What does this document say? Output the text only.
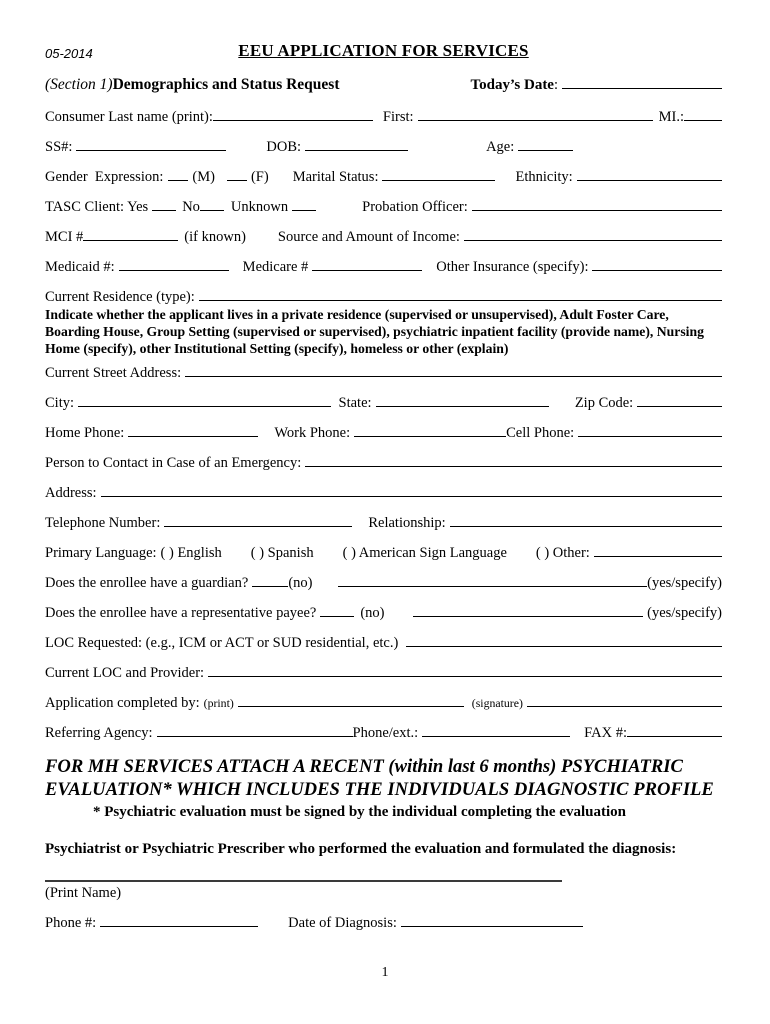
05-2014	EEU APPLICATION FOR SERVICES
(Section 1) Demographics and Status Request	Today’s Date :
Consumer Last name (print):	First:	MI.:
SS#:	DOB:	Age:
Gender  Expression: (M) (F) Marital Status:	Ethnicity:
TASC Client: Yes No Unknown	Probation Officer:
MCI #	(if known) Source and Amount of Income:
Medicaid #:	Medicare #	Other Insurance (specify):
Current Residence (type):
Indicate whether the applicant lives in a private residence (supervised or unsupervised), Adult Foster Care, Boarding House, Group Setting (supervised or supervised), psychiatric inpatient facility (provide name), Nursing Home (specify), other Institutional Setting (specify), homeless or other (explain)
Current Street Address:
City:	State:	Zip Code:
Home Phone:	Work Phone:	Cell Phone:
Person to Contact in Case of an Emergency:
Address:
Telephone Number:	Relationship:
Primary Language: ( ) English ( ) Spanish ( ) American Sign Language ( ) Other:
Does the enrollee have a guardian?	(no)	(yes/specify)
Does the enrollee have a representative payee?	(no)	(yes/specify)
LOC Requested: (e.g., ICM or ACT or SUD residential, etc.)
Current LOC and Provider:
Application completed by: (print)	(signature)
Referring Agency:	Phone/ext.:	FAX #:
FOR MH SERVICES ATTACH A RECENT (within last 6 months) PSYCHIATRIC EVALUATION* WHICH INCLUDES THE INDIVIDUALS DIAGNOSTIC PROFILE
* Psychiatric evaluation must be signed by the individual completing the evaluation
Psychiatrist or Psychiatric Prescriber who performed the evaluation and formulated the diagnosis:
(Print Name)
Phone #:	Date of Diagnosis:
1
